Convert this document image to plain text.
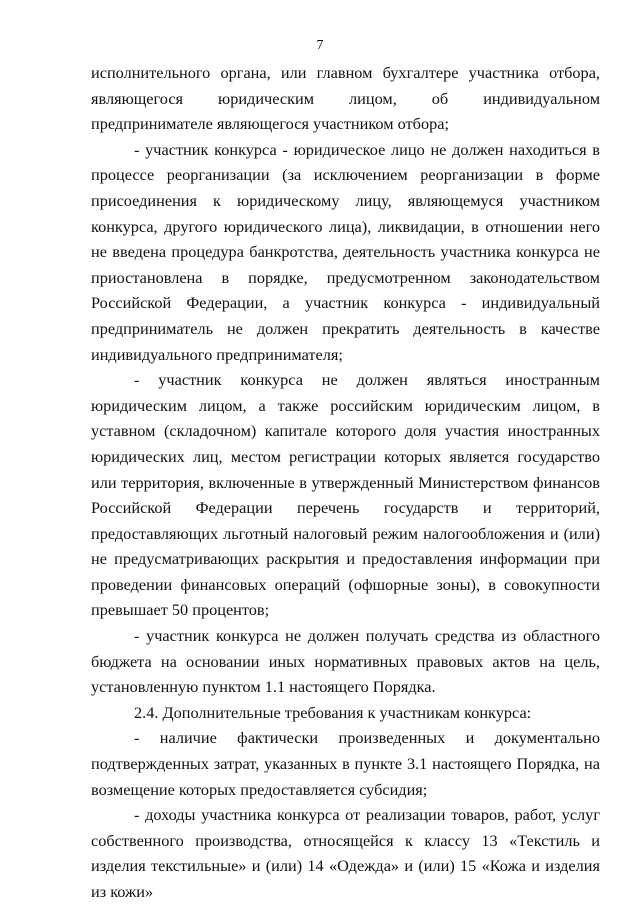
7

исполнительного органа, или главном бухгалтере участника отбора, являющегося юридическим лицом, об индивидуальном предпринимателе являющегося участником отбора;

- участник конкурса - юридическое лицо не должен находиться в процессе реорганизации (за исключением реорганизации в форме присоединения к юридическому лицу, являющемуся участником конкурса, другого юридического лица), ликвидации, в отношении него не введена процедура банкротства, деятельность участника конкурса не приостановлена в порядке, предусмотренном законодательством Российской Федерации, а участник конкурса - индивидуальный предприниматель не должен прекратить деятельность в качестве индивидуального предпринимателя;

- участник конкурса не должен являться иностранным юридическим лицом, а также российским юридическим лицом, в уставном (складочном) капитале которого доля участия иностранных юридических лиц, местом регистрации которых является государство или территория, включенные в утвержденный Министерством финансов Российской Федерации перечень государств и территорий, предоставляющих льготный налоговый режим налогообложения и (или) не предусматривающих раскрытия и предоставления информации при проведении финансовых операций (офшорные зоны), в совокупности превышает 50 процентов;

- участник конкурса не должен получать средства из областного бюджета на основании иных нормативных правовых актов на цель, установленную пунктом 1.1 настоящего Порядка.

2.4. Дополнительные требования к участникам конкурса:

- наличие фактически произведенных и документально подтвержденных затрат, указанных в пункте 3.1 настоящего Порядка, на возмещение которых предоставляется субсидия;

- доходы участника конкурса от реализации товаров, работ, услуг собственного производства, относящейся к классу 13 «Текстиль и изделия текстильные» и (или) 14 «Одежда» и (или) 15 «Кожа и изделия из кожи»
